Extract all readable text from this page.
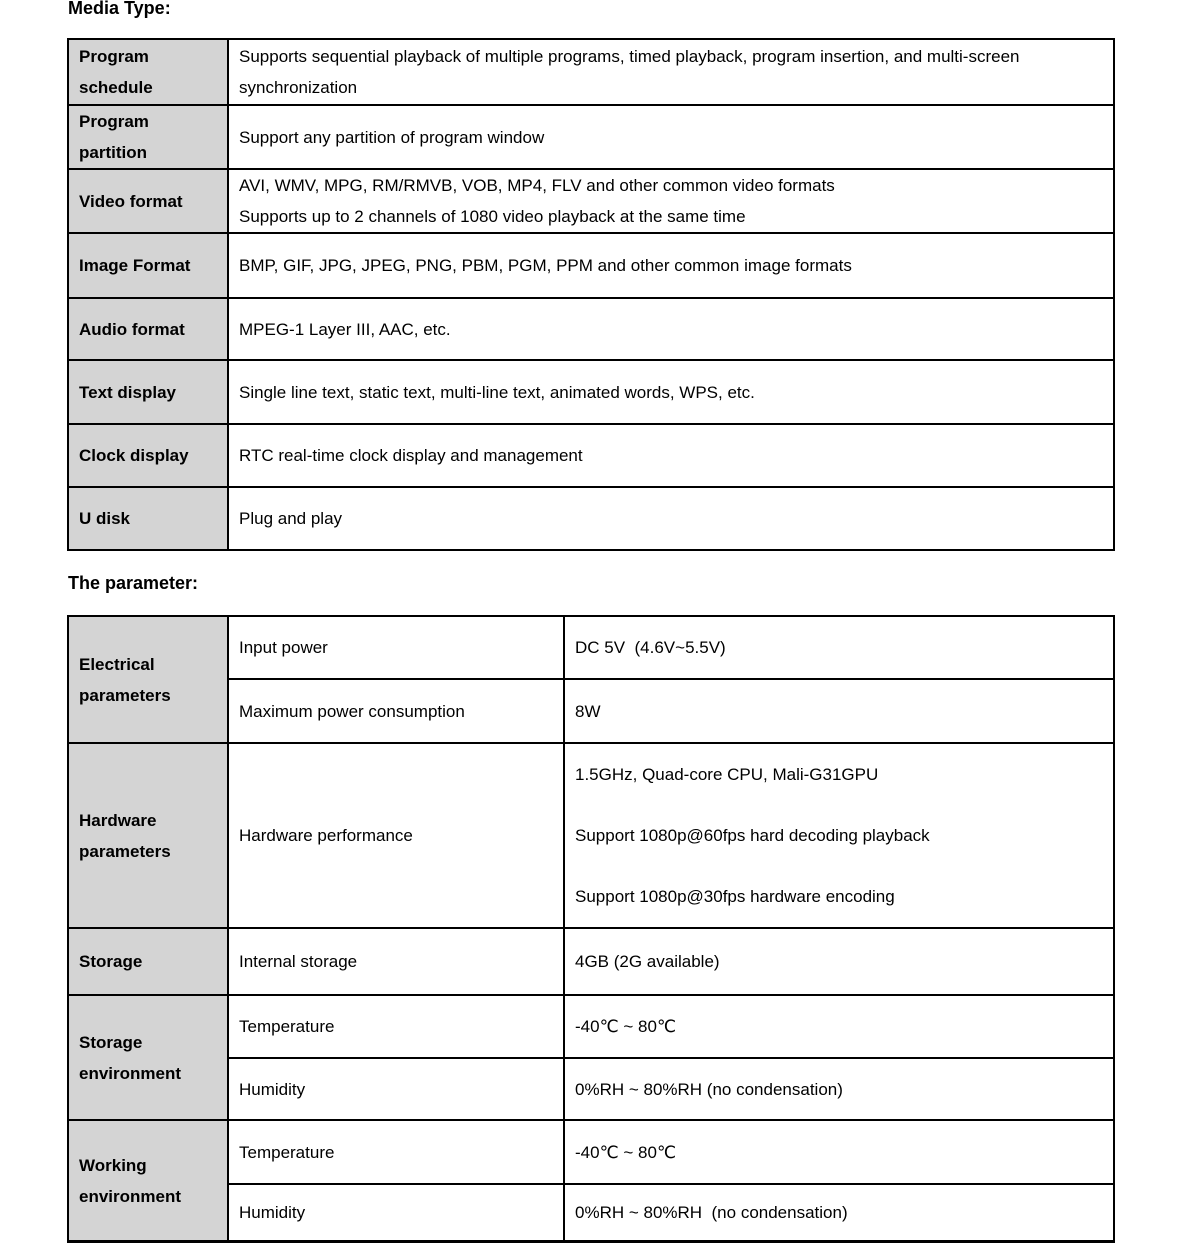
Media Type:
Program schedule	Supports sequential playback of multiple programs, timed playback, program insertion, and multi-screen synchronization

Program partition	Support any partition of program window

Video format	AVI, WMV, MPG, RM/RMVB, VOB, MP4, FLV and other common video formats
Supports up to 2 channels of 1080 video playback at the same time

Image Format	BMP, GIF, JPG, JPEG, PNG, PBM, PGM, PPM and other common image formats

Audio format	MPEG-1 Layer III, AAC, etc.

Text display	Single line text, static text, multi-line text, animated words, WPS, etc.

Clock display	RTC real-time clock display and management

U disk	Plug and play
The parameter:
Electrical parameters	Input power	DC 5V  (4.6V~5.5V)

	Maximum power consumption	8W

Hardware parameters	Hardware performance	1.5GHz, Quad-core CPU, Mali-G31GPU
Support 1080p@60fps hard decoding playback
Support 1080p@30fps hardware encoding

Storage	Internal storage	4GB (2G available)

Storage environment	Temperature	-40℃ ~ 80℃

	Humidity	0%RH ~ 80%RH (no condensation)

Working environment	Temperature	-40℃ ~ 80℃

	Humidity	0%RH ~ 80%RH  (no condensation)
